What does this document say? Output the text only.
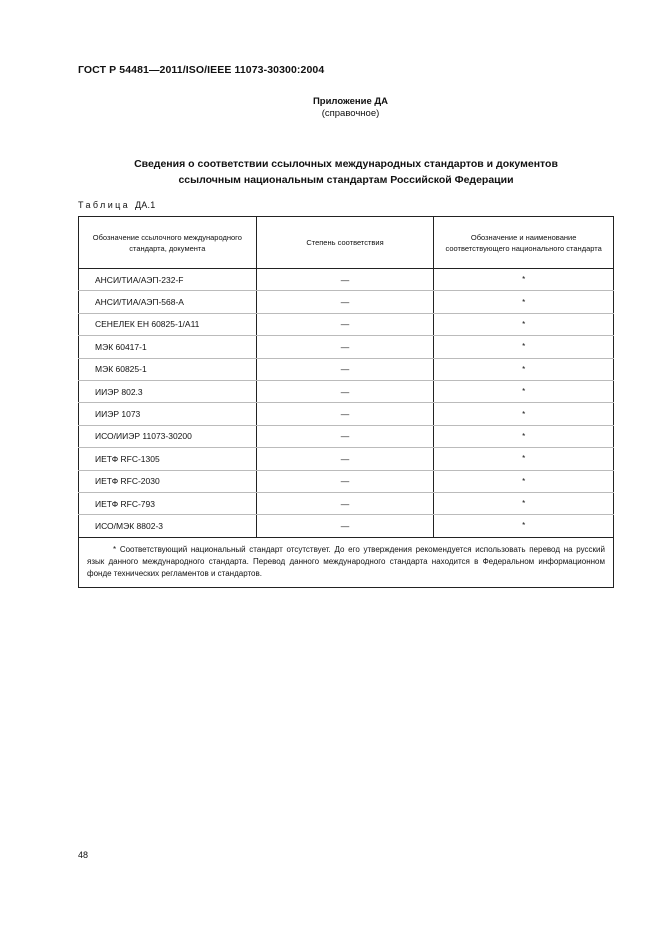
ГОСТ Р 54481—2011/ISO/IEEE 11073-30300:2004
Приложение ДА
(справочное)
Сведения о соответствии ссылочных международных стандартов и документов
ссылочным национальным стандартам Российской Федерации
Таблица ДА.1
Обозначение ссылочного международного стандарта, документа	Степень соответствия	Обозначение и наименование соответствующего национального стандарта
АНСИ/ТИА/АЭП-232-F	—	*
АНСИ/ТИА/АЭП-568-А	—	*
СЕНЕЛЕК ЕН 60825-1/А11	—	*
МЭК 60417-1	—	*
МЭК 60825-1	—	*
ИИЭР 802.3	—	*
ИИЭР 1073	—	*
ИСО/ИИЭР 11073-30200	—	*
ИЕТФ RFC-1305	—	*
ИЕТФ RFC-2030	—	*
ИЕТФ RFC-793	—	*
ИСО/МЭК 8802-3	—	*

* Соответствующий национальный стандарт отсутствует. До его утверждения рекомендуется использовать перевод на русский язык данного международного стандарта. Перевод данного международного стандарта находится в Федеральном информационном фонде технических регламентов и стандартов.		
48
